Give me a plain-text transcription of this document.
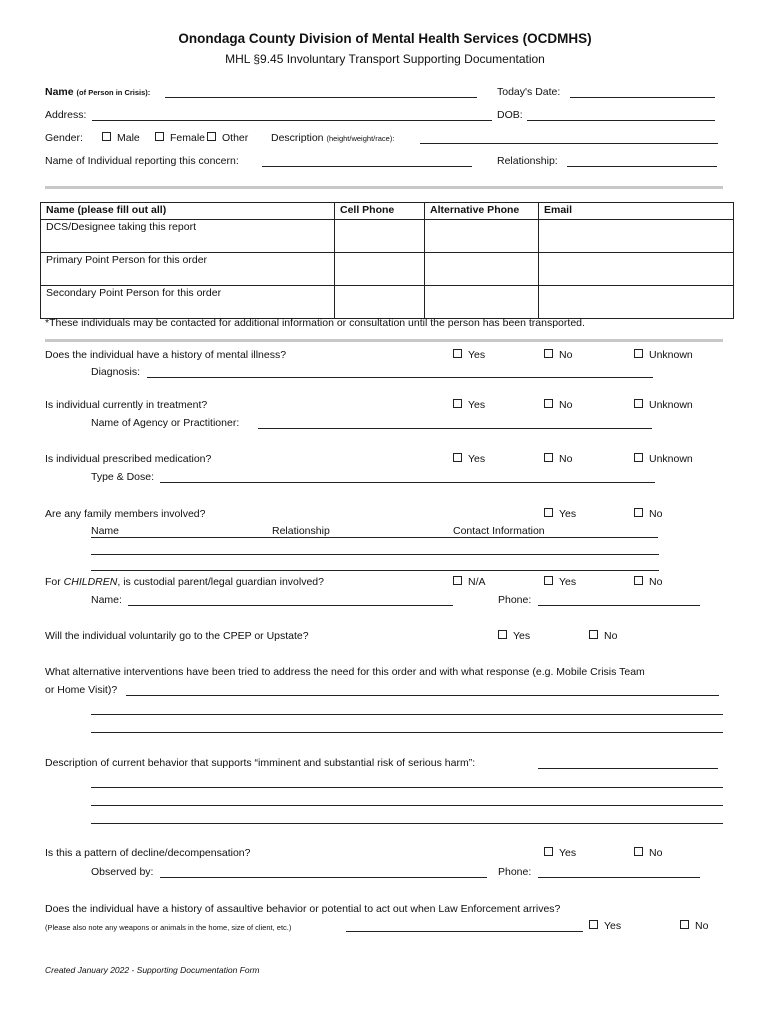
Onondaga County Division of Mental Health Services (OCDMHS)
MHL §9.45 Involuntary Transport Supporting Documentation
Name (of Person in Crisis):	Today's Date:
Address:	DOB:
Gender:	Male	Female	Other Description (height/weight/race):
Name of Individual reporting this concern:	Relationship:
Name (please fill out all)	Cell Phone	Alternative Phone	Email
DCS/Designee taking this report			
Primary Point Person for this order			
Secondary Point Person for this order			
*These individuals may be contacted for additional information or consultation until the person has been transported.
Does the individual have a history of mental illness?	Yes	No	Unknown
Diagnosis:
Is individual currently in treatment?	Yes	No	Unknown
Name of Agency or Practitioner:
Is individual prescribed medication?	Yes	No	Unknown
Type & Dose:
Are any family members involved?	Yes	No
Name	Relationship	Contact Information
For CHILDREN, is custodial parent/legal guardian involved?	N/A	Yes	No
Name:	Phone:
Will the individual voluntarily go to the CPEP or Upstate?	Yes	No
What alternative interventions have been tried to address the need for this order and with what response (e.g. Mobile Crisis Team
or Home Visit)?
Description of current behavior that supports “imminent and substantial risk of serious harm”:
Is this a pattern of decline/decompensation?	Yes	No
Observed by:	Phone:
Does the individual have a history of assaultive behavior or potential to act out when Law Enforcement arrives?
(Please also note any weapons or animals in the home, size of client, etc.)	Yes	No
Created January 2022 - Supporting Documentation Form
